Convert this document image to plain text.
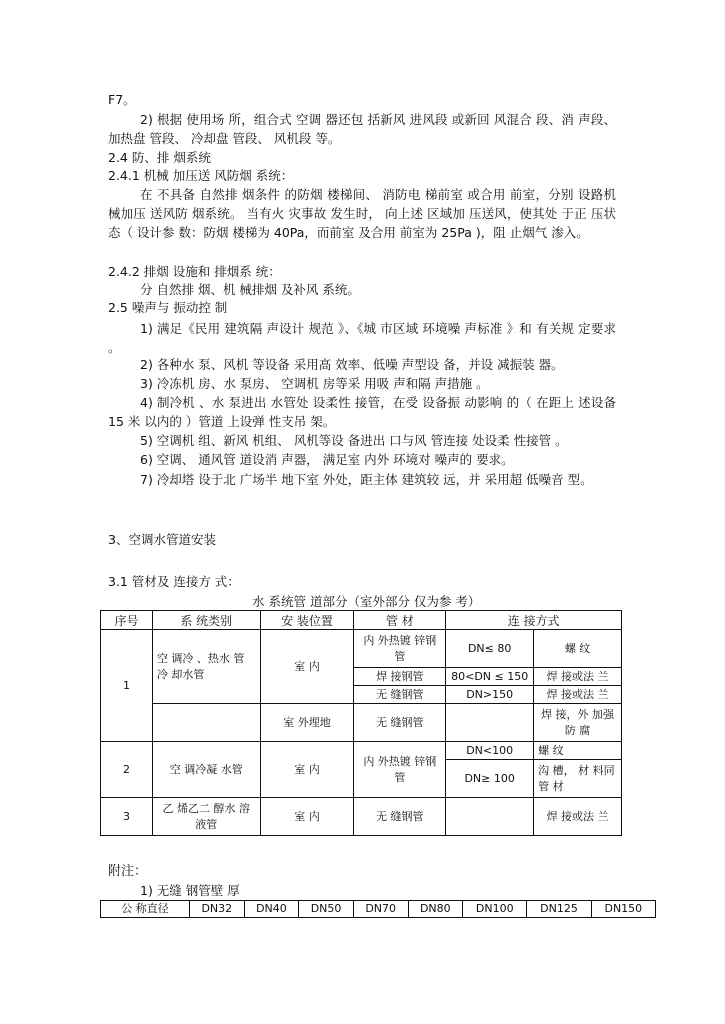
F7。
2) 根据 使用场 所，组合式 空调 器还包 括新风 进风段 或新回 风混合 段、消 声段、 加热盘 管段、 冷却盘 管段、 风机段 等。
2.4 防、排 烟系统
2.4.1 机械 加压送 风防烟 系统：
在 不具备 自然排 烟条件 的防烟 楼梯间、 消防电 梯前室 或合用 前室，分别 设路机 械加压 送风防 烟系统。 当有火 灾事故 发生时， 向上述 区域加 压送风，使其处 于正 压状态（ 设计参 数：防烟 楼梯为 40Pa，而前室 及合用 前室为 25Pa )，阻 止烟气 渗入。
2.4.2 排烟 设施和 排烟系 统：
分 自然排 烟、机 械排烟 及补风 系统。
2.5 噪声与 振动控 制
1) 满足《民用 建筑隔 声设计 规范 》、《城 市区域 环境噪 声标准 》和 有关规 定要求 。
2) 各种水 泵、风机 等设备 采用高 效率、低噪 声型设 备，并设 减振装 器。
3) 冷冻机 房、水 泵房、 空调机 房等采 用吸 声和隔 声措施 。
4) 制冷机 、水 泵进出 水管处 设柔性 接管，在受 设备振 动影响 的（ 在距上 述设备 15 米 以内的 ）管道 上设弹 性支吊 架。
5) 空调机 组、新风 机组、 风机等设 备进出 口与风 管连接 处设柔 性接管 。
6) 空调、 通风管 道设消 声器， 满足室 内外 环境对 噪声的 要求。
7) 冷却塔 设于北 广场半 地下室 外处，距主体 建筑较 远，并 采用超 低噪音 型。
3、空调水管道安装
3.1 管材及 连接方 式：
水 系统管 道部分（室外部分 仅为参 考）
序号	系 统类别	安 装位置	管 材	连 接方式	
1	空 调冷 、热水 管 冷 却水管	室 内	内 外热镀 锌钢 管	DN≤ 80	螺 纹
			焊 接钢管	80<DN ≤ 150	焊 接或法 兰
			无 缝钢管	DN>150	焊 接或法 兰
		室 外埋地	无 缝钢管		焊 接，外 加强 防 腐
2	空 调冷凝 水管	室 内	内 外热镀 锌钢 管	DN<100	螺 纹
				DN≥ 100	沟 槽， 材 料同管 材
3	乙 烯乙二 醇水 溶 液管	室 内	无 缝钢管		焊 接或法 兰
附注：
1) 无缝 钢管壁 厚
公 称直径	DN32	DN40	DN50	DN70	DN80	DN100	DN125	DN150
